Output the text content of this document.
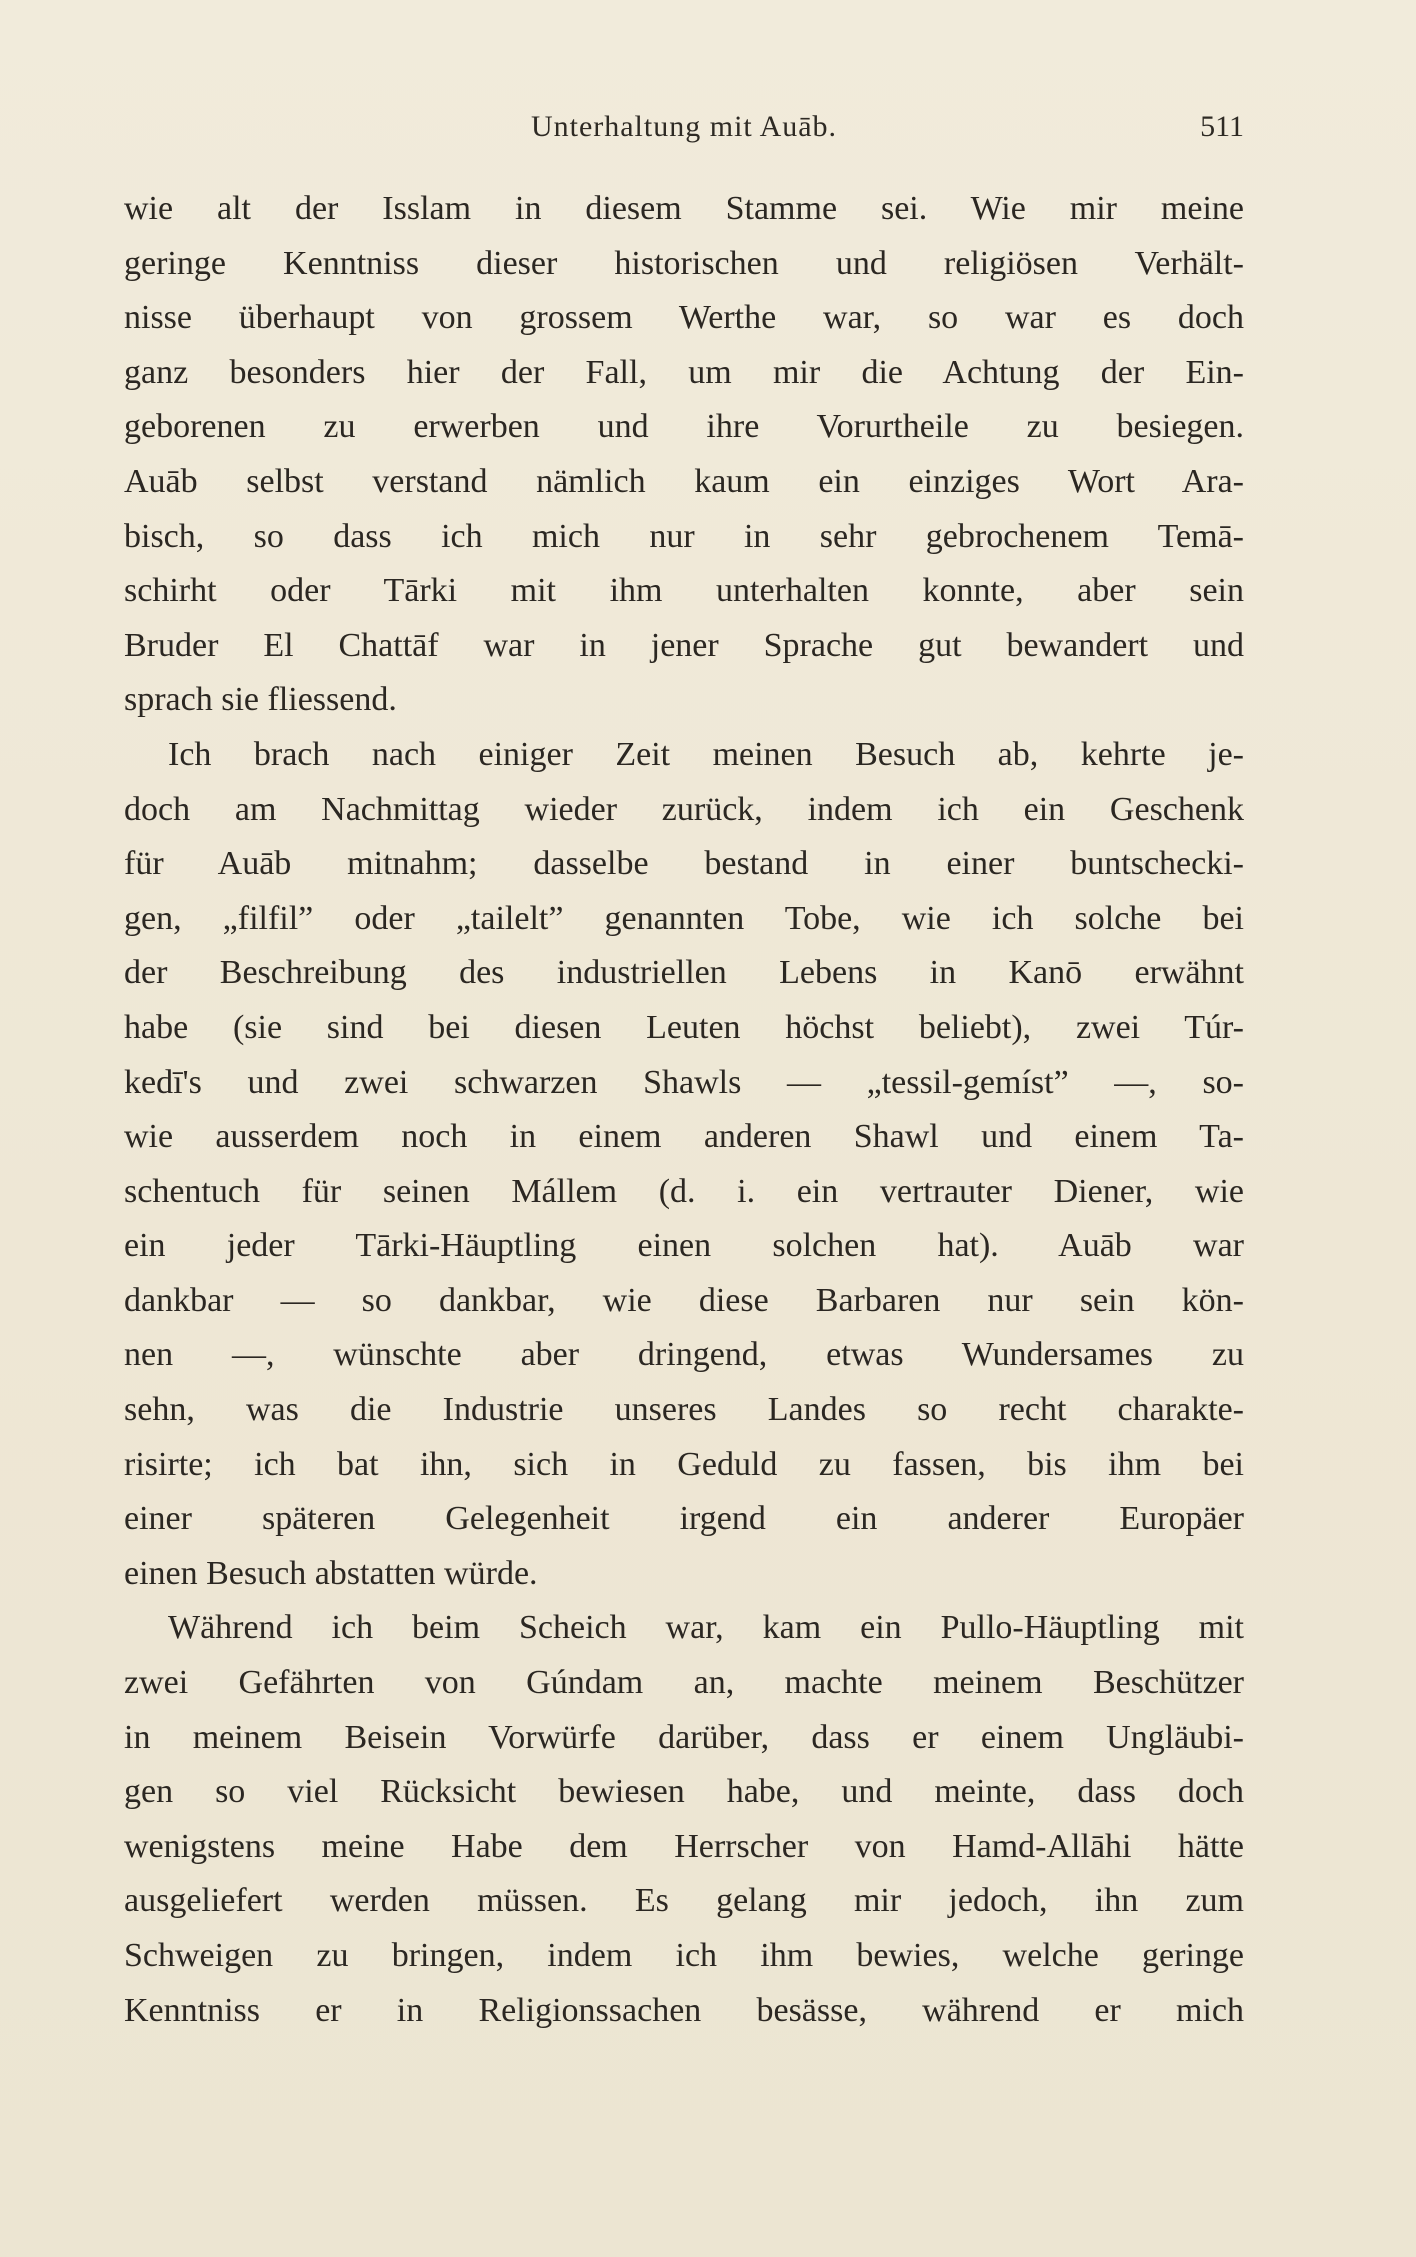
Unterhaltung mit Auāb.	511
wie alt der Isslam in diesem Stamme sei. Wie mir meine
geringe Kenntniss dieser historischen und religiösen Verhält-
nisse überhaupt von grossem Werthe war, so war es doch
ganz besonders hier der Fall, um mir die Achtung der Ein-
geborenen zu erwerben und ihre Vorurtheile zu besiegen.
Auāb selbst verstand nämlich kaum ein einziges Wort Ara-
bisch, so dass ich mich nur in sehr gebrochenem Temā-
schirht oder Tārki mit ihm unterhalten konnte, aber sein
Bruder El Chattāf war in jener Sprache gut bewandert und
sprach sie fliessend.
Ich brach nach einiger Zeit meinen Besuch ab, kehrte je-
doch am Nachmittag wieder zurück, indem ich ein Geschenk
für Auāb mitnahm; dasselbe bestand in einer buntschecki-
gen, „filfil” oder „tailelt” genannten Tobe, wie ich solche bei
der Beschreibung des industriellen Lebens in Kanō erwähnt
habe (sie sind bei diesen Leuten höchst beliebt), zwei Túr-
kedī's und zwei schwarzen Shawls — „tessil-gemíst” —, so-
wie ausserdem noch in einem anderen Shawl und einem Ta-
schentuch für seinen Mállem (d. i. ein vertrauter Diener, wie
ein jeder Tārki-Häuptling einen solchen hat). Auāb war
dankbar — so dankbar, wie diese Barbaren nur sein kön-
nen —, wünschte aber dringend, etwas Wundersames zu
sehn, was die Industrie unseres Landes so recht charakte-
risirte; ich bat ihn, sich in Geduld zu fassen, bis ihm bei
einer späteren Gelegenheit irgend ein anderer Europäer
einen Besuch abstatten würde.
Während ich beim Scheich war, kam ein Pullo-Häuptling mit
zwei Gefährten von Gúndam an, machte meinem Beschützer
in meinem Beisein Vorwürfe darüber, dass er einem Ungläubi-
gen so viel Rücksicht bewiesen habe, und meinte, dass doch
wenigstens meine Habe dem Herrscher von Hamd-Allāhi hätte
ausgeliefert werden müssen. Es gelang mir jedoch, ihn zum
Schweigen zu bringen, indem ich ihm bewies, welche geringe
Kenntniss er in Religionssachen besässe, während er mich
